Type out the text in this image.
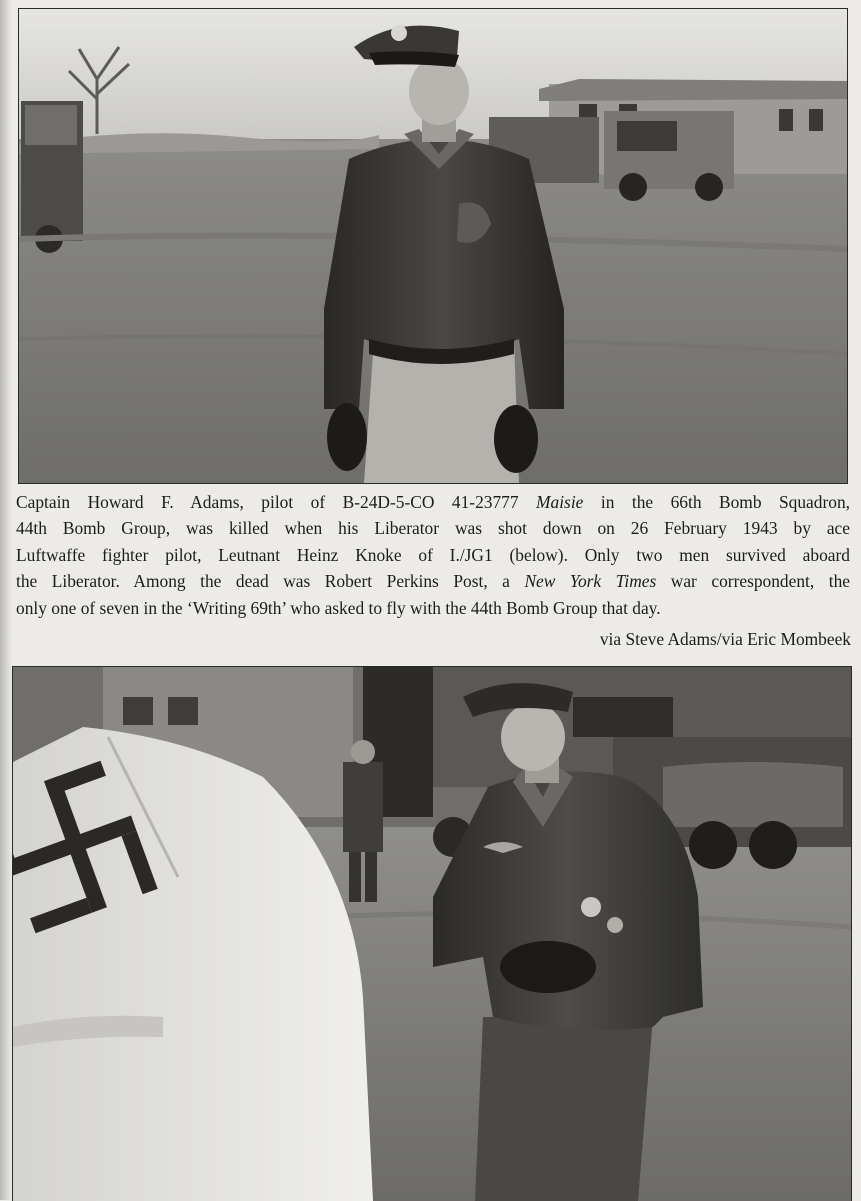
Captain Howard F. Adams, pilot of B-24D-5-CO 41-23777 Maisie in the 66th Bomb Squadron,
44th Bomb Group, was killed when his Liberator was shot down on 26 February 1943 by ace
Luftwaffe fighter pilot, Leutnant Heinz Knoke of I./JG1 (below). Only two men survived aboard
the Liberator. Among the dead was Robert Perkins Post, a New York Times war correspondent, the
only one of seven in the ‘Writing 69th’ who asked to fly with the 44th Bomb Group that day.
via Steve Adams/via Eric Mombeek
